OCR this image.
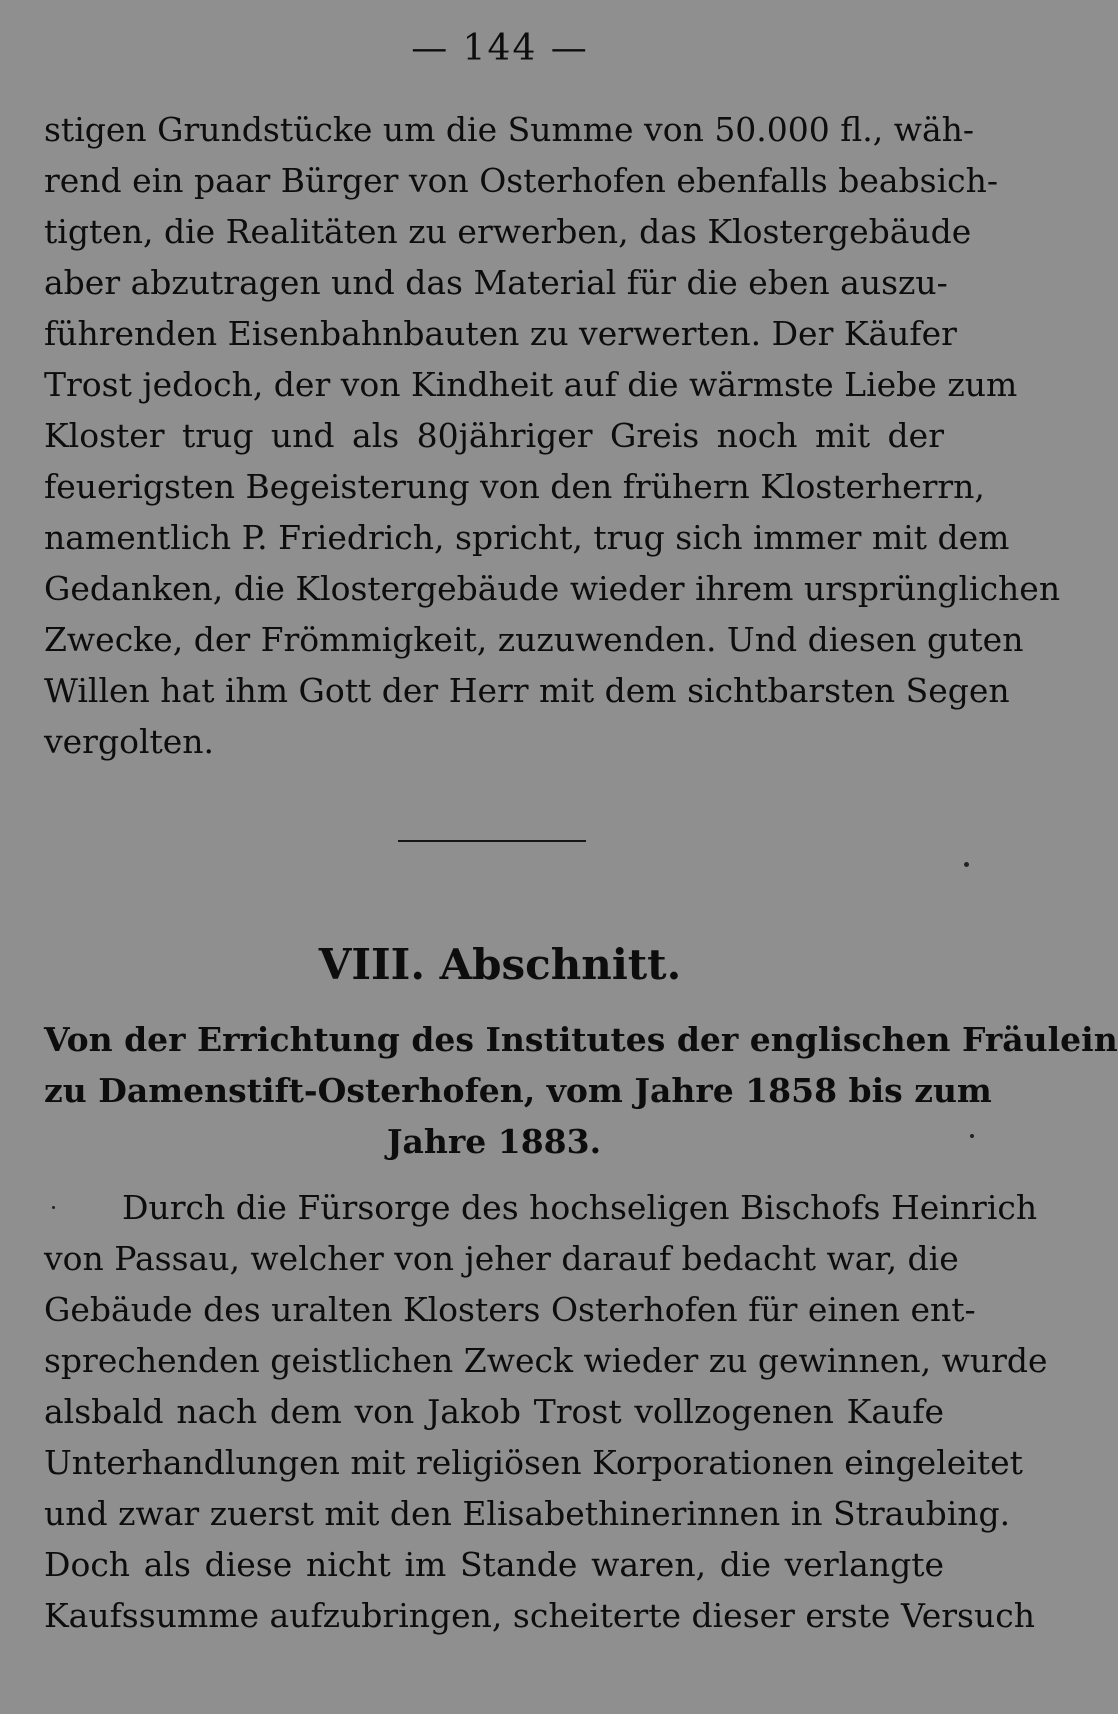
— 144 —
stigen Grundstücke um die Summe von 50.000 fl., wäh-
rend ein paar Bürger von Osterhofen ebenfalls beabsich-
tigten, die Realitäten zu erwerben, das Klostergebäude
aber abzutragen und das Material für die eben auszu-
führenden Eisenbahnbauten zu verwerten. Der Käufer
Trost jedoch, der von Kindheit auf die wärmste Liebe zum
Kloster trug und als 80jähriger Greis noch mit der
feuerigsten Begeisterung von den frühern Klosterherrn,
namentlich P. Friedrich, spricht, trug sich immer mit dem
Gedanken, die Klostergebäude wieder ihrem ursprünglichen
Zwecke, der Frömmigkeit, zuzuwenden. Und diesen guten
Willen hat ihm Gott der Herr mit dem sichtbarsten Segen
vergolten.
VIII. Abschnitt.
Von der Errichtung des Institutes der englischen Fräulein
zu Damenstift-Osterhofen, vom Jahre 1858 bis zum
Jahre 1883.
Durch die Fürsorge des hochseligen Bischofs Heinrich
von Passau, welcher von jeher darauf bedacht war, die
Gebäude des uralten Klosters Osterhofen für einen ent-
sprechenden geistlichen Zweck wieder zu gewinnen, wurde
alsbald nach dem von Jakob Trost vollzogenen Kaufe
Unterhandlungen mit religiösen Korporationen eingeleitet
und zwar zuerst mit den Elisabethinerinnen in Straubing.
Doch als diese nicht im Stande waren, die verlangte
Kaufssumme aufzubringen, scheiterte dieser erste Versuch
